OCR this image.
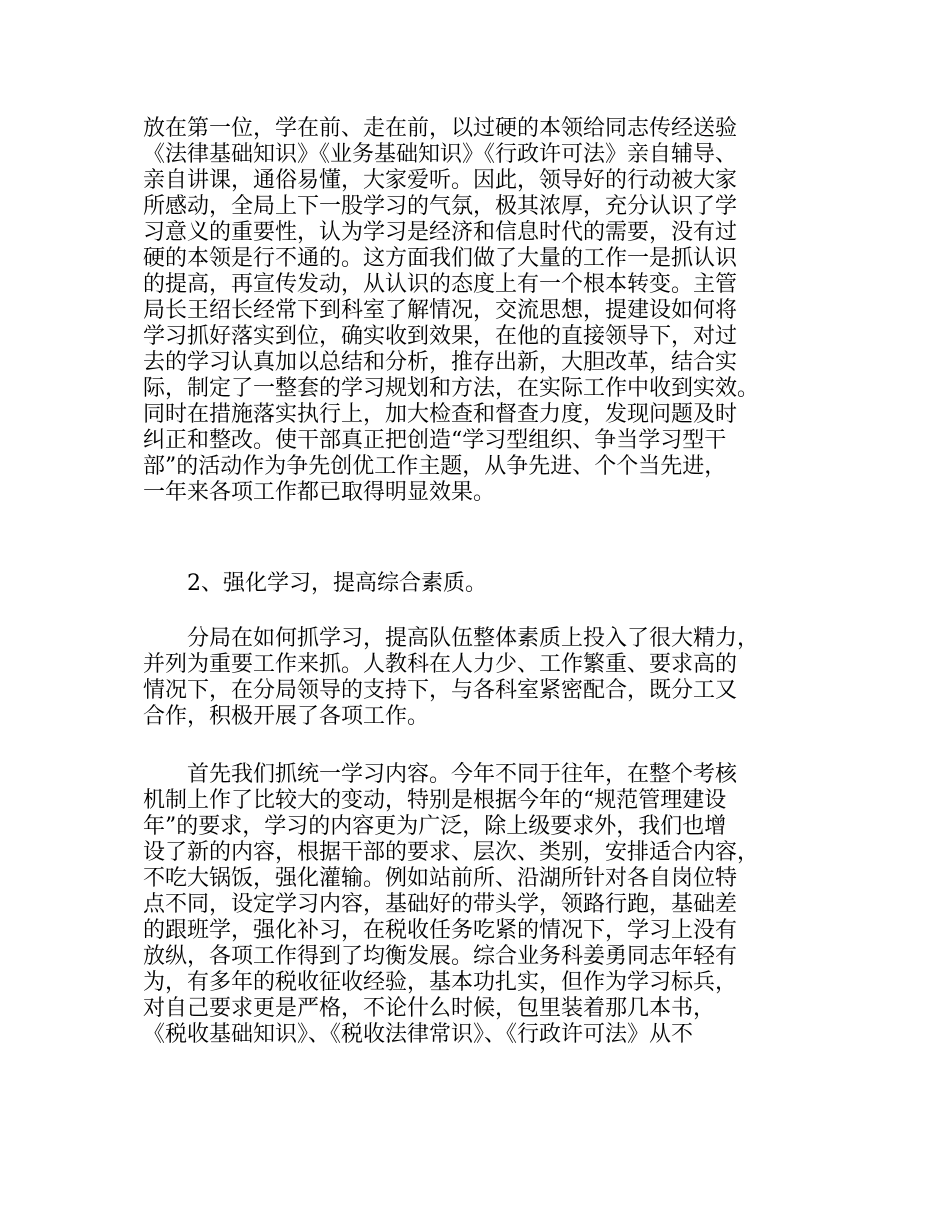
放在第一位，学在前、走在前，以过硬的本领给同志传经送验
《法律基础知识》《业务基础知识》《行政许可法》亲自辅导、
亲自讲课，通俗易懂，大家爱听。因此，领导好的行动被大家
所感动，全局上下一股学习的气氛，极其浓厚，充分认识了学
习意义的重要性，认为学习是经济和信息时代的需要，没有过
硬的本领是行不通的。这方面我们做了大量的工作一是抓认识
的提高，再宣传发动，从认识的态度上有一个根本转变。主管
局长王绍长经常下到科室了解情况，交流思想，提建设如何将
学习抓好落实到位，确实收到效果，在他的直接领导下，对过
去的学习认真加以总结和分析，推存出新，大胆改革，结合实
际，制定了一整套的学习规划和方法，在实际工作中收到实效。
同时在措施落实执行上，加大检查和督查力度，发现问题及时
纠正和整改。使干部真正把创造“学习型组织、争当学习型干
部”的活动作为争先创优工作主题，从争先进、个个当先进，
一年来各项工作都已取得明显效果。
2、强化学习，提高综合素质。
分局在如何抓学习，提高队伍整体素质上投入了很大精力，
并列为重要工作来抓。人教科在人力少、工作繁重、要求高的
情况下，在分局领导的支持下，与各科室紧密配合，既分工又
合作，积极开展了各项工作。
首先我们抓统一学习内容。今年不同于往年，在整个考核
机制上作了比较大的变动，特别是根据今年的“规范管理建设
年”的要求，学习的内容更为广泛，除上级要求外，我们也增
设了新的内容，根据干部的要求、层次、类别，安排适合内容，
不吃大锅饭，强化灌输。例如站前所、沿湖所针对各自岗位特
点不同，设定学习内容，基础好的带头学，领路行跑，基础差
的跟班学，强化补习，在税收任务吃紧的情况下，学习上没有
放纵，各项工作得到了均衡发展。综合业务科姜勇同志年轻有
为，有多年的税收征收经验，基本功扎实，但作为学习标兵，
对自己要求更是严格，不论什么时候，包里装着那几本书，
《税收基础知识》、《税收法律常识》、《行政许可法》从不
